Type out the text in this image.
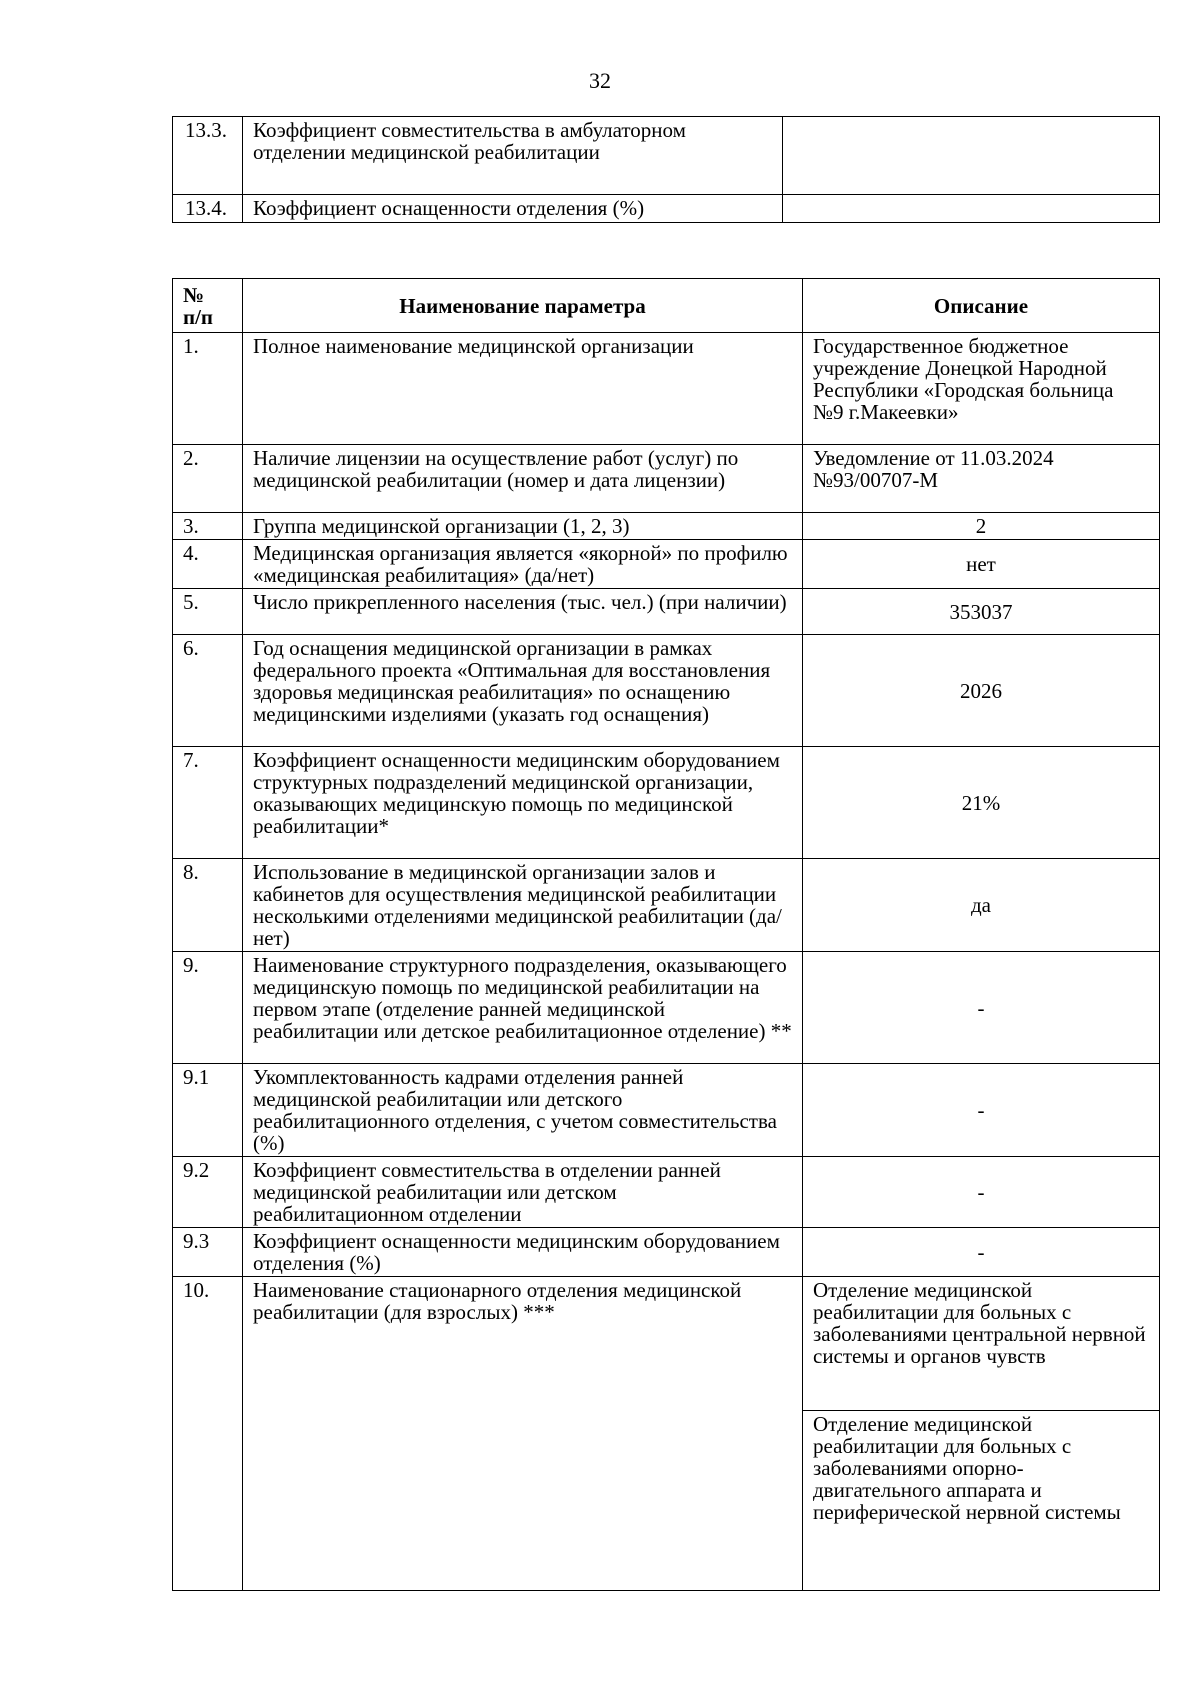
32
13.3.	Коэффициент совместительства в амбулаторном отделении медицинской реабилитации	
13.4.	Коэффициент оснащенности отделения (%)	
№
п/п	Наименование параметра	Описание
1.	Полное наименование медицинской организации	Государственное бюджетное учреждение Донецкой Народной Республики «Городская больница №9 г.Макеевки»
2.	Наличие лицензии на осуществление работ (услуг) по медицинской реабилитации (номер и дата лицензии)	Уведомление от 11.03.2024 №93/00707-М
3.	Группа медицинской организации (1, 2, 3)	2
4.	Медицинская организация является «якорной» по профилю «медицинская реабилитация» (да/нет)	нет
5.	Число прикрепленного населения (тыс. чел.) (при наличии)	353037
6.	Год оснащения медицинской организации в рамках федерального проекта «Оптимальная для восстановления здоровья медицинская реабилитация» по оснащению медицинскими изделиями (указать год оснащения)	2026
7.	Коэффициент оснащенности медицинским оборудованием структурных подразделений медицинской организации, оказывающих медицинскую помощь по медицинской реабилитации*	21%
8.	Использование в медицинской организации залов и кабинетов для осуществления медицинской реабилитации несколькими отделениями медицинской реабилитации (да/нет)	да
9.	Наименование структурного подразделения, оказывающего медицинскую помощь по медицинской реабилитации на первом этапе (отделение ранней медицинской реабилитации или детское реабилитационное отделение) **	-
9.1	Укомплектованность кадрами отделения ранней медицинской реабилитации или детского реабилитационного отделения, с учетом совместительства (%)	-
9.2	Коэффициент совместительства в отделении ранней медицинской реабилитации или детском реабилитационном отделении	-
9.3	Коэффициент оснащенности медицинским оборудованием отделения (%)	-
10.	Наименование стационарного отделения медицинской реабилитации (для взрослых) ***	Отделение медицинской реабилитации для больных с заболеваниями центральной нервной системы и органов чувств
		Отделение медицинской реабилитации для больных с заболеваниями опорно-двигательного аппарата и периферической нервной системы
